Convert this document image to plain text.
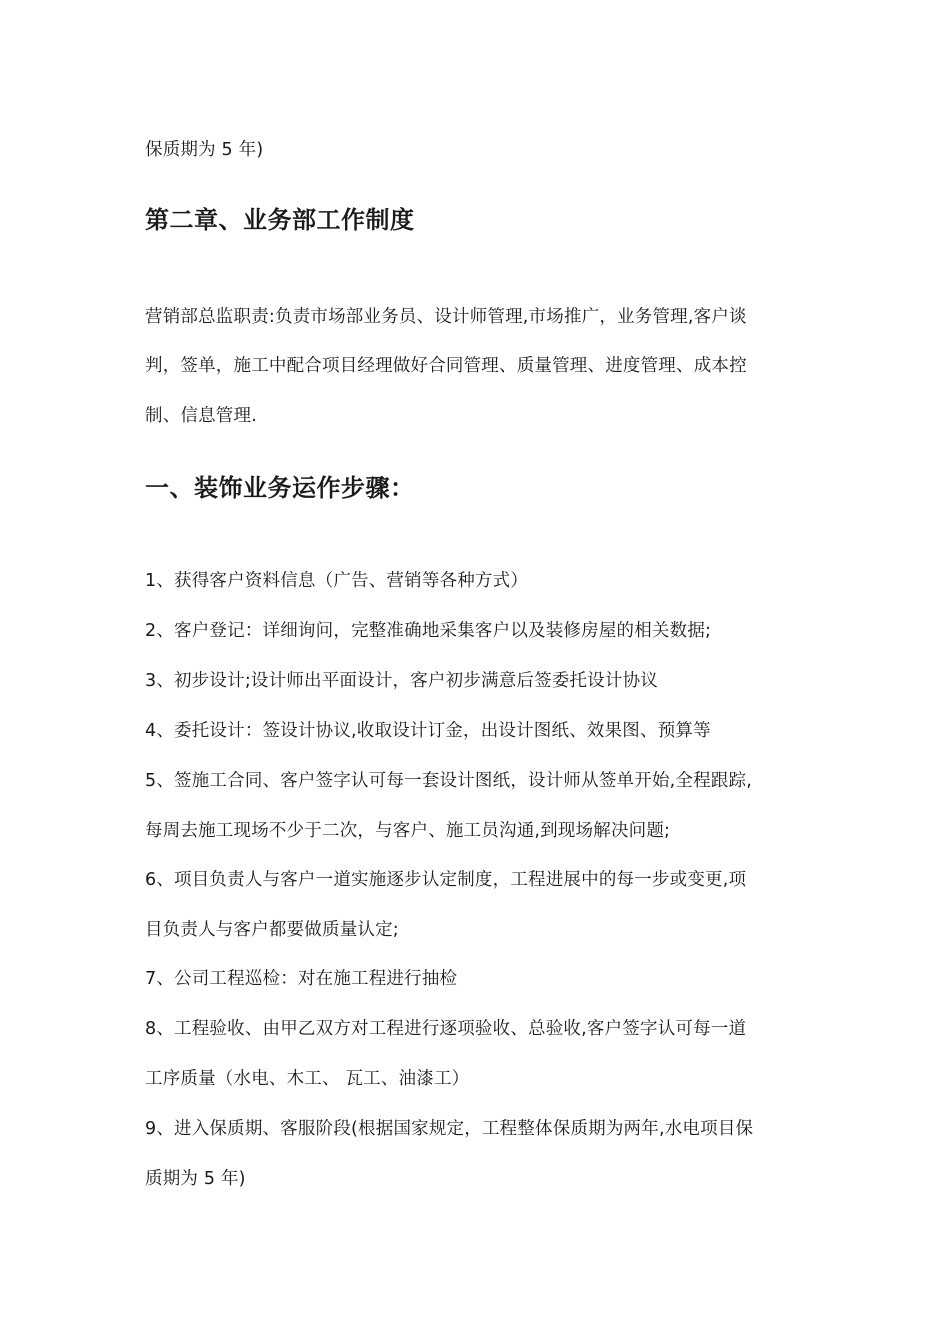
保质期为 5 年)
第二章、业务部工作制度
营销部总监职责:负责市场部业务员、设计师管理,市场推广，业务管理,客户谈
判，签单，施工中配合项目经理做好合同管理、质量管理、进度管理、成本控
制、信息管理.
一、装饰业务运作步骤：
1、获得客户资料信息（广告、营销等各种方式）
2、客户登记：详细询问，完整准确地采集客户以及装修房屋的相关数据;
3、初步设计;设计师出平面设计，客户初步满意后签委托设计协议
4、委托设计：签设计协议,收取设计订金，出设计图纸、效果图、预算等
5、签施工合同、客户签字认可每一套设计图纸，设计师从签单开始,全程跟踪,
每周去施工现场不少于二次，与客户、施工员沟通,到现场解决问题;
6、项目负责人与客户一道实施逐步认定制度，工程进展中的每一步或变更,项
目负责人与客户都要做质量认定;
7、公司工程巡检：对在施工程进行抽检
8、工程验收、由甲乙双方对工程进行逐项验收、总验收,客户签字认可每一道
工序质量（水电、木工、 瓦工、油漆工）
9、进入保质期、客服阶段(根据国家规定，工程整体保质期为两年,水电项目保
质期为 5 年)
